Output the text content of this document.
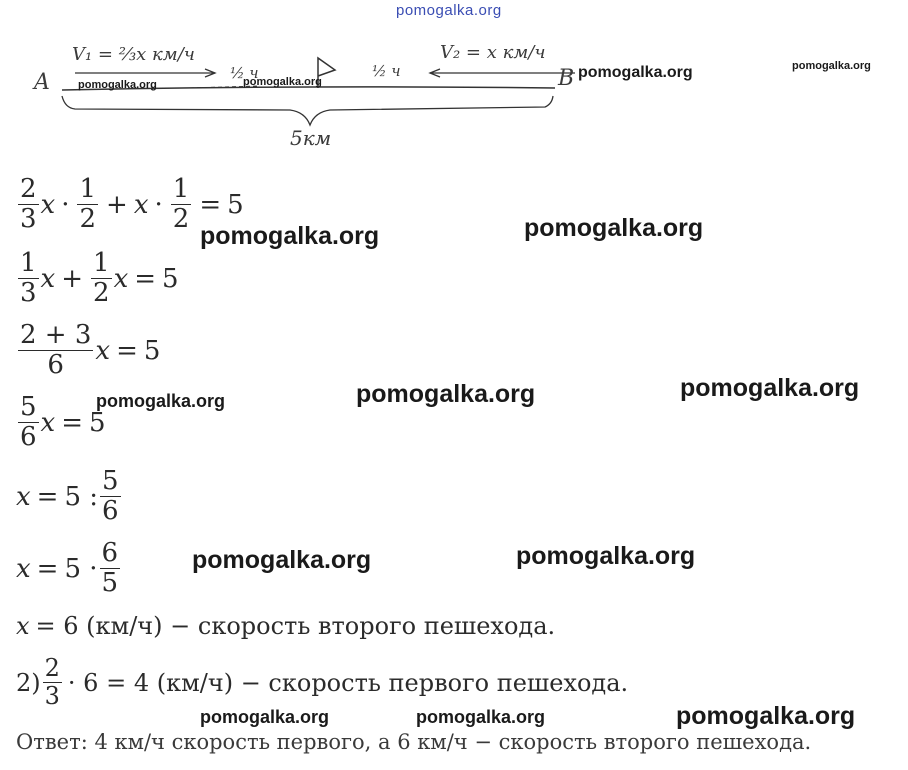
pomogalka.org
A	B
V₁ = ⅔x км/ч	V₂ = x км/ч
½ ч	½ ч
5км
pomogalka.org	pomogalka.org
pomogalka.org	pomogalka.org
$\frac{2}{3}$ $x \cdot \frac{1}{2} + x \cdot \frac{1}{2} = 5$
pomogalka.org	pomogalka.org
$\frac{1}{3}$ $x + \frac{1}{2}$ x = 5
$\frac{2 + 3}{6}$ x = 5
$\frac{5}{6}$ x = 5
pomogalka.org	pomogalka.org	pomogalka.org
x = 5 : $\frac{5}{6}$
$x = 5 \cdot \frac{6}{5}$	pomogalka.org	pomogalka.org
x = 6 (км/ч) − скорость второго пешехода.
$2) \frac{2}{3} \cdot 6 = 4$ (км/ч) − скорость первого пешехода.
pomogalka.org	pomogalka.org	pomogalka.org
Ответ: 4 км/ч скорость первого, а 6 км/ч − скорость второго пешехода.
